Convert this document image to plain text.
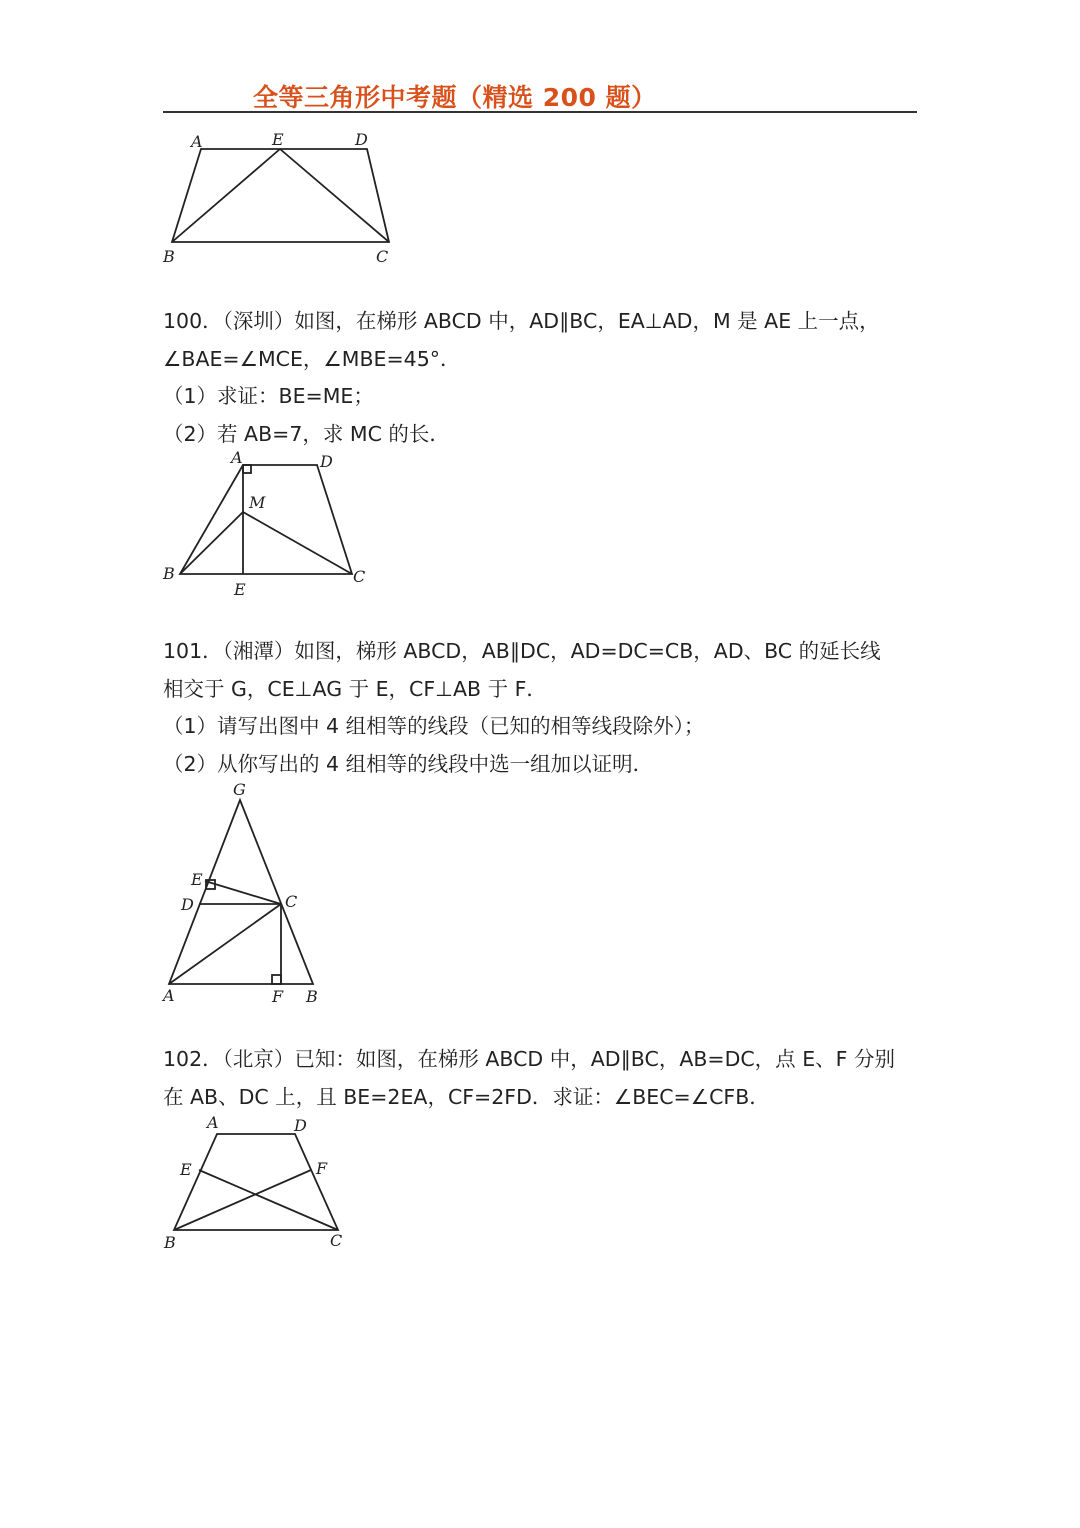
全等三角形中考题（精选 200 题）
A	E	D
B	C

100．（深圳）如图，在梯形 ABCD 中，AD∥BC，EA⊥AD，M 是 AE 上一点，

∠BAE=∠MCE，∠MBE=45°．

（1）求证：BE=ME；

（2）若 AB=7，求 MC 的长．

A	D
M
B
E
C

101．（湘潭）如图，梯形 ABCD，AB∥DC，AD=DC=CB，AD、BC 的延长线

相交于 G，CE⊥AG 于 E，CF⊥AB 于 F．

（1）请写出图中 4 组相等的线段（已知的相等线段除外）；

（2）从你写出的 4 组相等的线段中选一组加以证明．

G
E
D	C
A	F B

102．（北京）已知：如图，在梯形 ABCD 中，AD∥BC，AB=DC，点 E、F 分别

在 AB、DC 上，且 BE=2EA，CF=2FD．求证：∠BEC=∠CFB．

A	D
E	F
B	C
